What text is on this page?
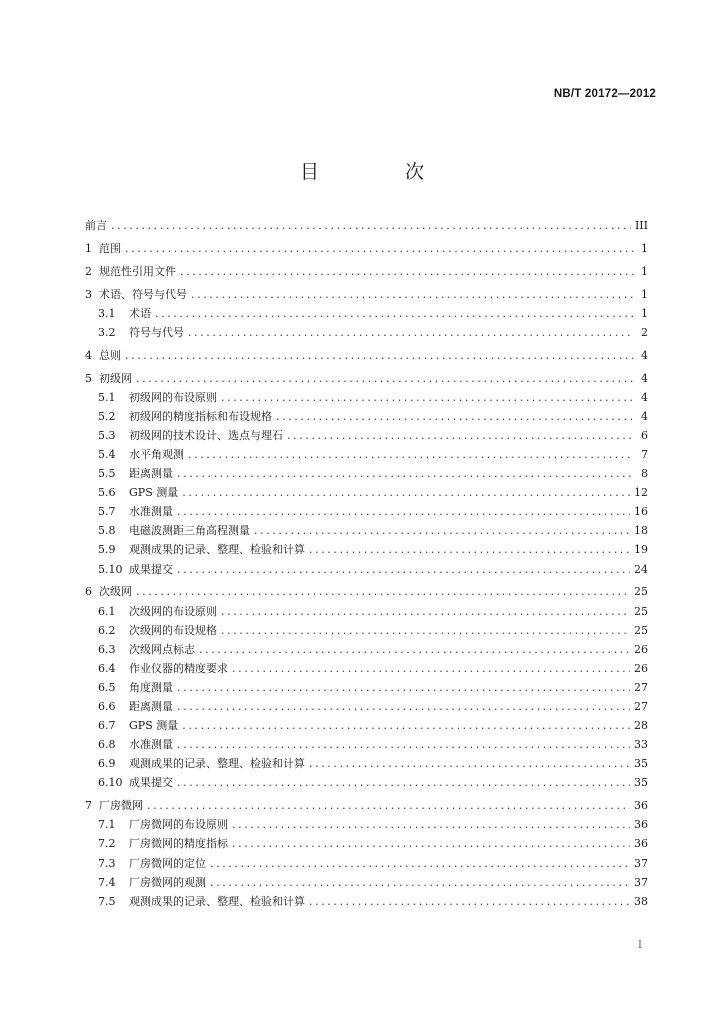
NB/T 20172—2012
目 次
前言 .....	III
1 范围 .....	1
2 规范性引用文件 .....	1
3 术语、符号与代号 .....	1
3.1	术语 .....	1
3.2	符号与代号 .....	2
4 总则 .....	4
5 初级网 .....	4
5.1	初级网的布设原则 .....	4
5.2	初级网的精度指标和布设规格 .....	4
5.3	初级网的技术设计、选点与埋石 .....	6
5.4	水平角观测 .....	7
5.5	距离测量 .....	8
5.6	GPS 测量 .....	12
5.7	水准测量 .....	16
5.8	电磁波测距三角高程测量 .....	18
5.9	观测成果的记录、整理、检验和计算 .....	19
5.10 成果提交 .....	24
6 次级网 .....	25
6.1	次级网的布设原则 .....	25
6.2	次级网的布设规格 .....	25
6.3	次级网点标志 .....	26
6.4	作业仪器的精度要求 .....	26
6.5	角度测量 .....	27
6.6	距离测量 .....	27
6.7	GPS 测量 .....	28
6.8	水准测量 .....	33
6.9	观测成果的记录、整理、检验和计算 .....	35
6.10 成果提交 .....	35
7 厂房微网 .....	36
7.1	厂房微网的布设原则 .....	36
7.2	厂房微网的精度指标 .....	36
7.3	厂房微网的定位 .....	37
7.4	厂房微网的观测 .....	37
7.5	观测成果的记录、整理、检验和计算 .....	38
I
